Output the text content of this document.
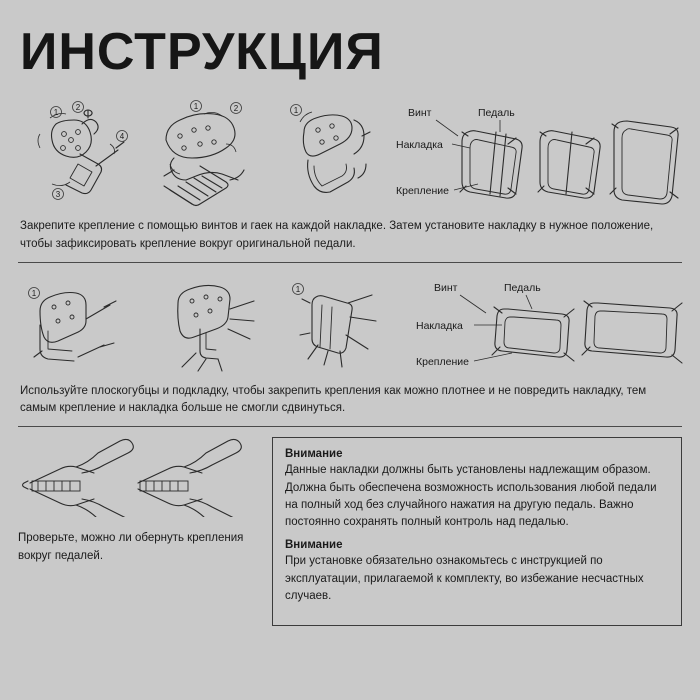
ИНСТРУКЦИЯ
1
2
3
4
1	2	1	Винт	Педаль
Накладка
Крепление

Закрепите крепление с помощью винтов и гаек на каждой накладке. Затем установите накладку в нужное положение, чтобы зафиксировать крепление вокруг оригинальной педали.

1	1	Винт	Педаль
Накладка
Крепление

Используйте плоскогубцы и подкладку, чтобы закрепить крепления как можно плотнее и не повредить накладку, тем самым крепление и накладка больше не смогли сдвинуться.

Проверьте, можно ли обернуть крепления вокруг педалей.

Внимание
Данные накладки должны быть установлены надлежащим образом. Должна быть обеспечена возможность использования любой педали на полный ход без случайного нажатия на другую педаль. Важно постоянно сохранять полный контроль над педалью.
Внимание
При установке обязательно ознакомьтесь с инструкцией по эксплуатации, прилагаемой к комплекту, во избежание несчастных случаев.
